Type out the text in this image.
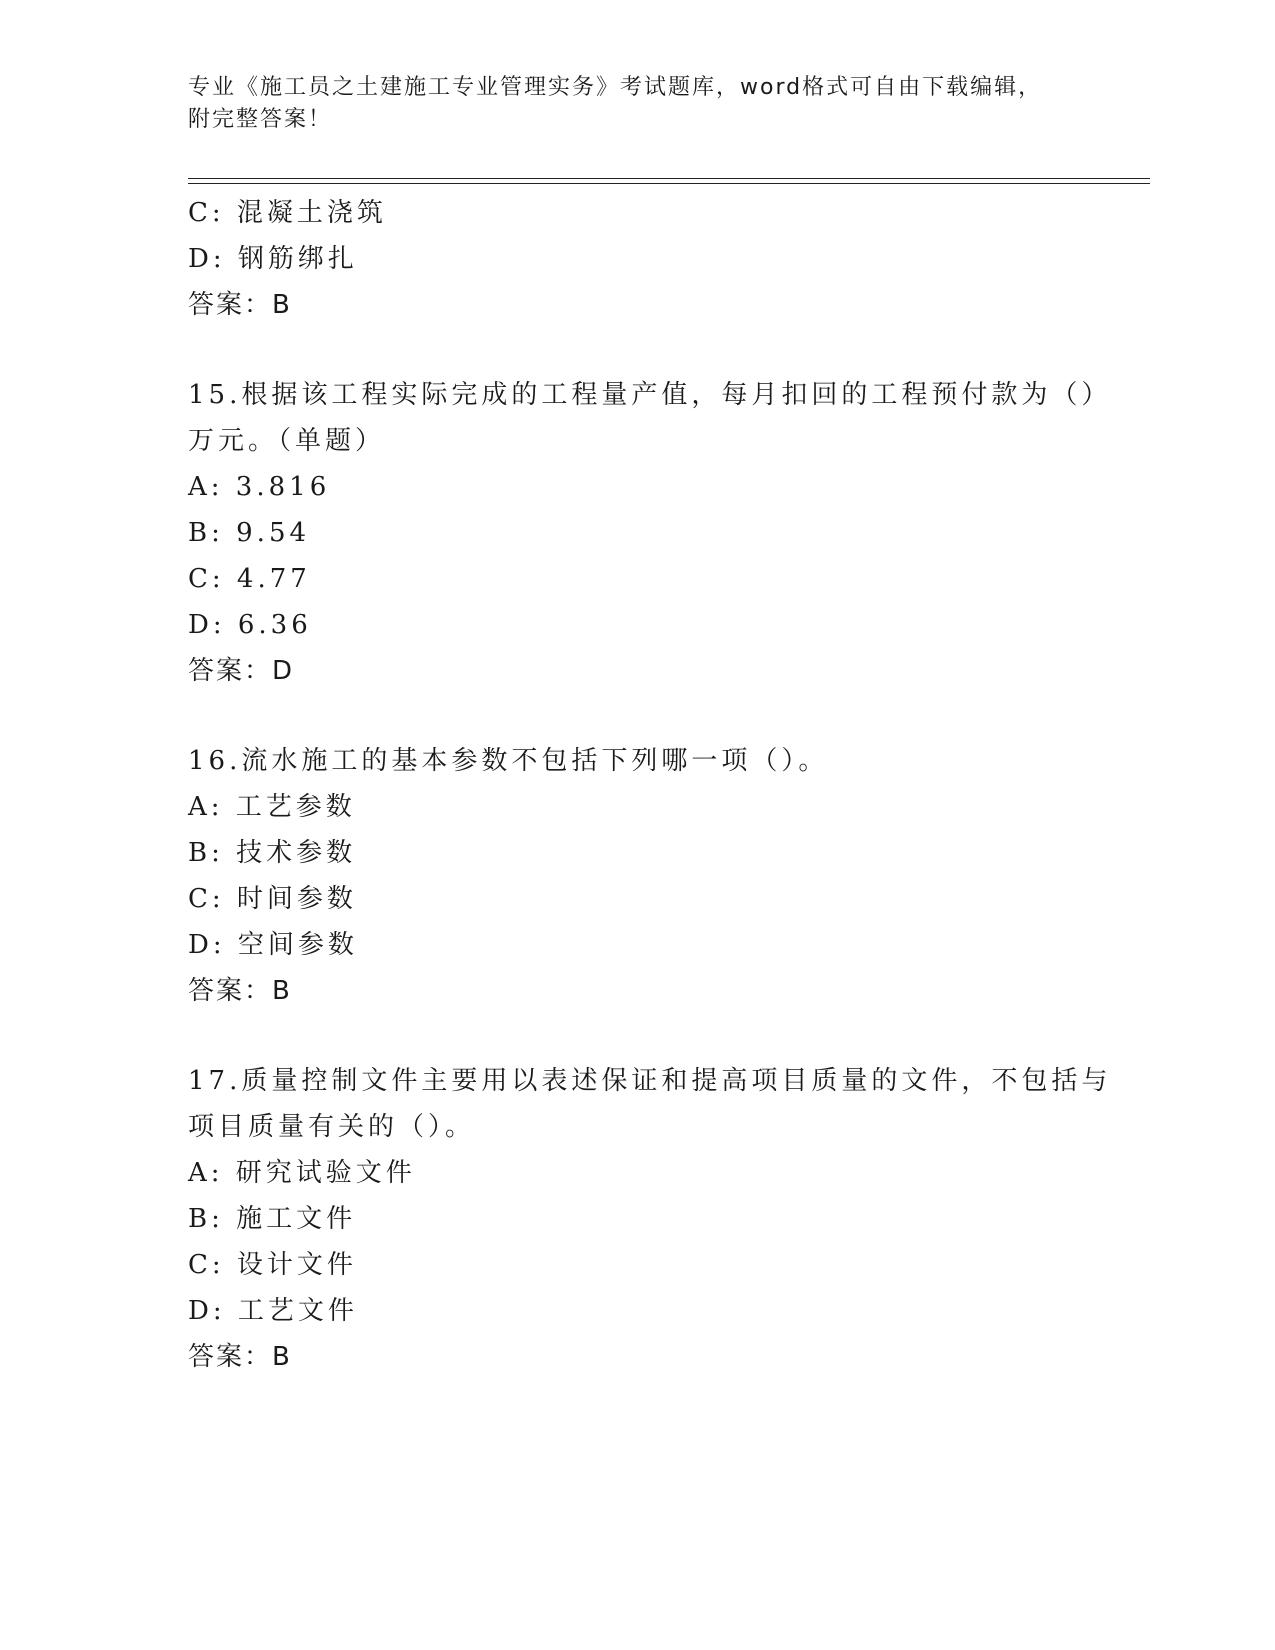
专业《施工员之土建施工专业管理实务》考试题库，word格式可自由下载编辑，
附完整答案！
C: 混凝土浇筑
D: 钢筋绑扎
答案：B
15.根据该工程实际完成的工程量产值，每月扣回的工程预付款为（）
万元。（单题）
A: 3.816
B: 9.54
C: 4.77
D: 6.36
答案：D
16.流水施工的基本参数不包括下列哪一项（）。
A: 工艺参数
B: 技术参数
C: 时间参数
D: 空间参数
答案：B
17.质量控制文件主要用以表述保证和提高项目质量的文件，不包括与
项目质量有关的（）。
A: 研究试验文件
B: 施工文件
C: 设计文件
D: 工艺文件
答案：B
